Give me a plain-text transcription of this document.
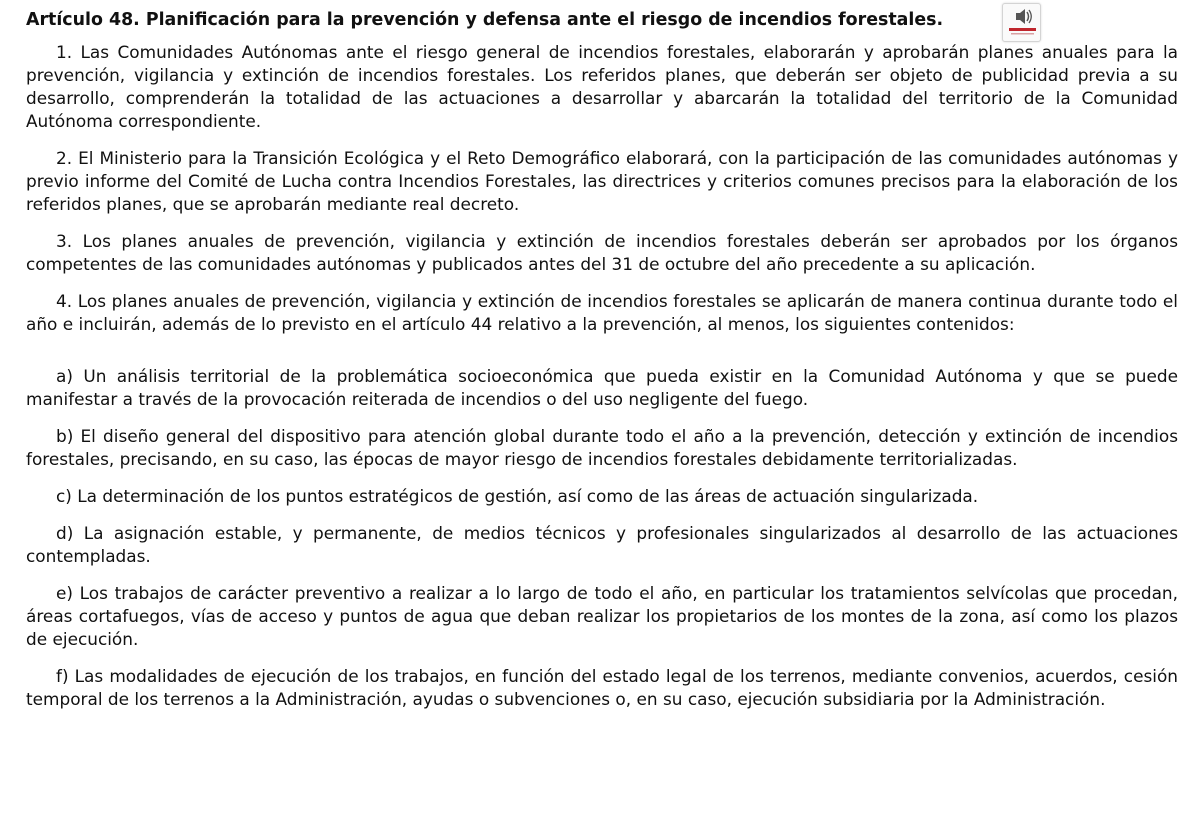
Artículo 48. Planificación para la prevención y defensa ante el riesgo de incendios forestales.

1. Las Comunidades Autónomas ante el riesgo general de incendios forestales, elaborarán y aprobarán planes anuales para la prevención, vigilancia y extinción de incendios forestales. Los referidos planes, que deberán ser objeto de publicidad previa a su desarrollo, comprenderán la totalidad de las actuaciones a desarrollar y abarcarán la totalidad del territorio de la Comunidad Autónoma correspondiente.

2. El Ministerio para la Transición Ecológica y el Reto Demográfico elaborará, con la participación de las comunidades autónomas y previo informe del Comité de Lucha contra Incendios Forestales, las directrices y criterios comunes precisos para la elaboración de los referidos planes, que se aprobarán mediante real decreto.

3. Los planes anuales de prevención, vigilancia y extinción de incendios forestales deberán ser aprobados por los órganos competentes de las comunidades autónomas y publicados antes del 31 de octubre del año precedente a su aplicación.

4. Los planes anuales de prevención, vigilancia y extinción de incendios forestales se aplicarán de manera continua durante todo el año e incluirán, además de lo previsto en el artículo 44 relativo a la prevención, al menos, los siguientes contenidos:

a) Un análisis territorial de la problemática socioeconómica que pueda existir en la Comunidad Autónoma y que se puede manifestar a través de la provocación reiterada de incendios o del uso negligente del fuego.

b) El diseño general del dispositivo para atención global durante todo el año a la prevención, detección y extinción de incendios forestales, precisando, en su caso, las épocas de mayor riesgo de incendios forestales debidamente territorializadas.

c) La determinación de los puntos estratégicos de gestión, así como de las áreas de actuación singularizada.

d) La asignación estable, y permanente, de medios técnicos y profesionales singularizados al desarrollo de las actuaciones contempladas.

e) Los trabajos de carácter preventivo a realizar a lo largo de todo el año, en particular los tratamientos selvícolas que procedan, áreas cortafuegos, vías de acceso y puntos de agua que deban realizar los propietarios de los montes de la zona, así como los plazos de ejecución.

f) Las modalidades de ejecución de los trabajos, en función del estado legal de los terrenos, mediante convenios, acuerdos, cesión temporal de los terrenos a la Administración, ayudas o subvenciones o, en su caso, ejecución subsidiaria por la Administración.
